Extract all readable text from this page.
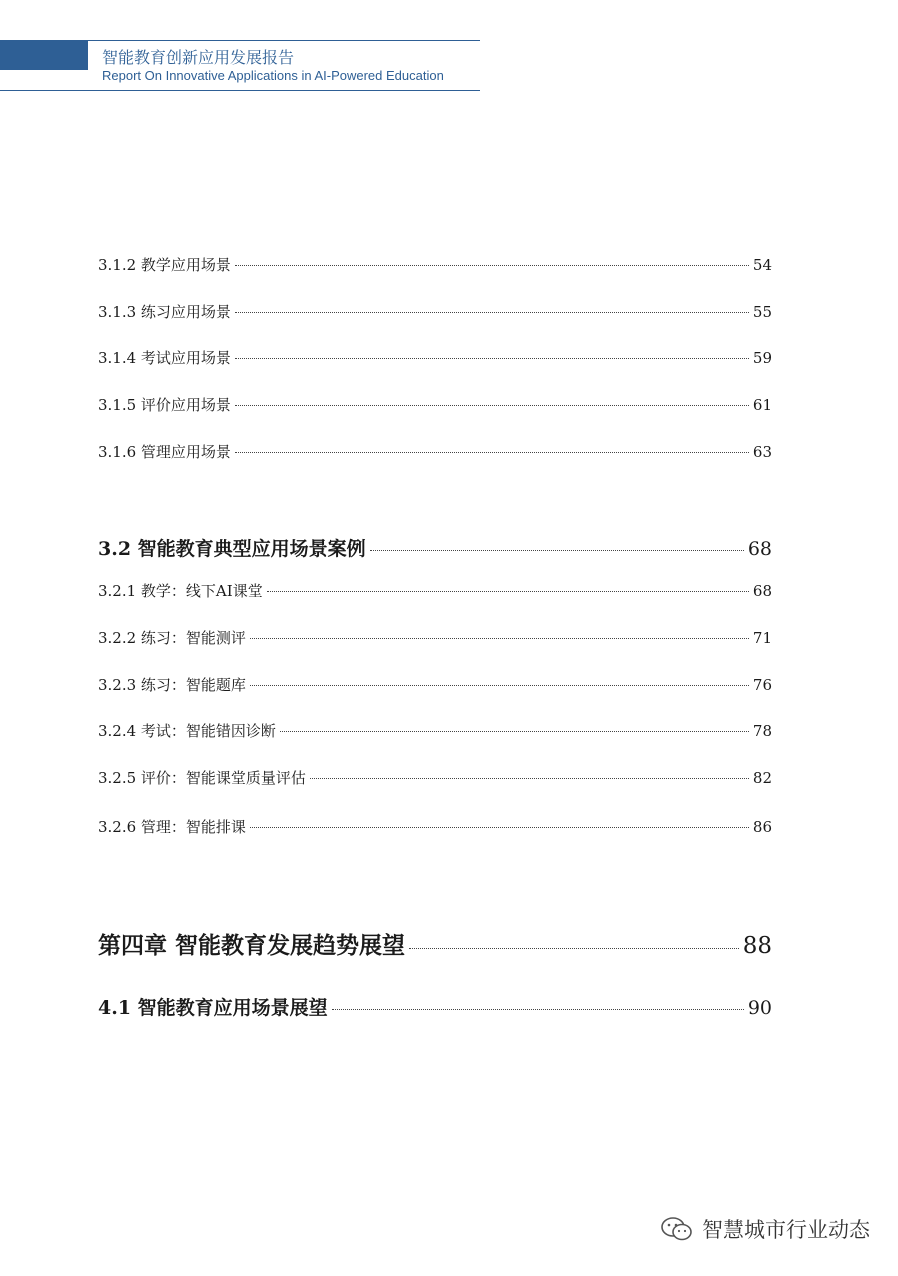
智能教育创新应用发展报告
Report On Innovative Applications in AI-Powered Education
3.1.2 教学应用场景	54
3.1.3 练习应用场景	55
3.1.4 考试应用场景	59
3.1.5 评价应用场景	61
3.1.6 管理应用场景	63
3.2 智能教育典型应用场景案例	68
3.2.1 教学：线下AI课堂	68
3.2.2 练习：智能测评	71
3.2.3 练习：智能题库	76
3.2.4 考试：智能错因诊断	78
3.2.5 评价：智能课堂质量评估	82
3.2.6 管理：智能排课	86
第四章 智能教育发展趋势展望	88
4.1 智能教育应用场景展望	90
智慧城市行业动态
